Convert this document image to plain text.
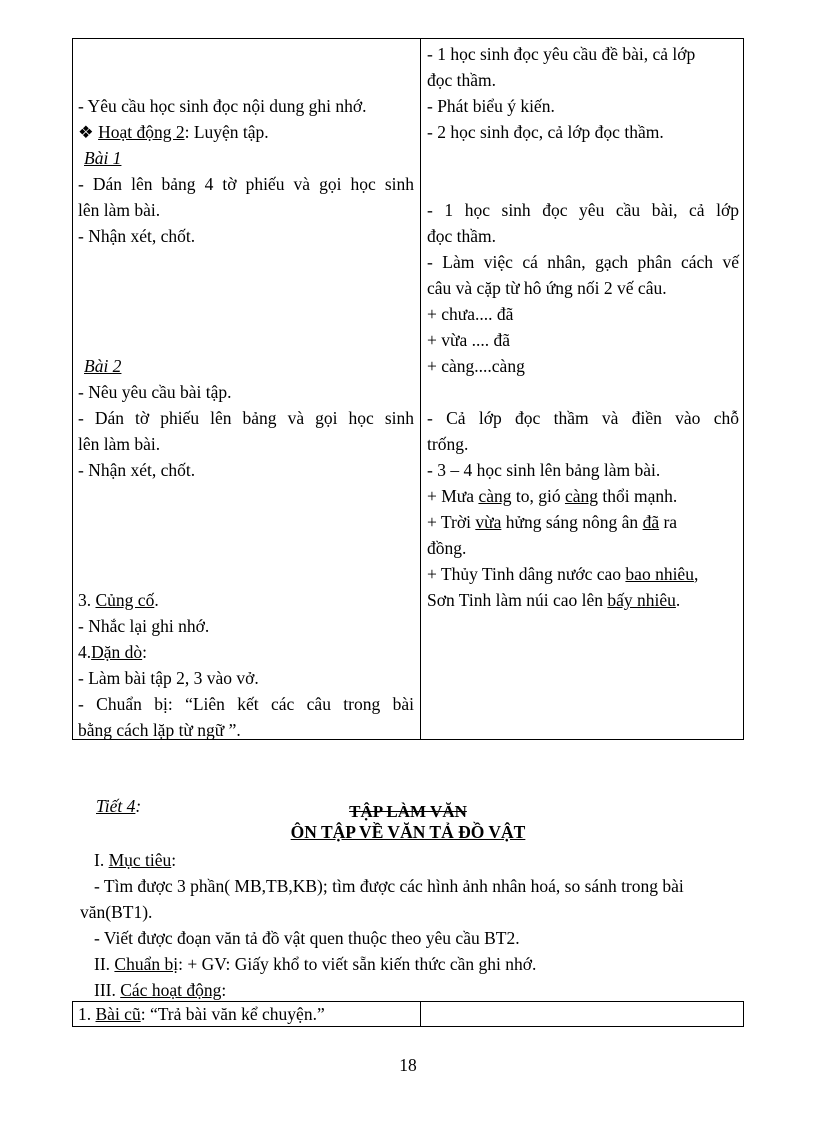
- Yêu cầu học sinh đọc nội dung ghi nhớ.
❖ Hoạt động 2: Luyện tập.
Bài 1
- Dán lên bảng 4 tờ phiếu và gọi học sinh
lên làm bài.
- Nhận xét, chốt.
Bài 2
- Nêu yêu cầu bài tập.
- Dán tờ phiếu lên bảng và gọi học sinh
lên làm bài.
- Nhận xét, chốt.
3. Củng cố.
- Nhắc lại ghi nhớ.
4.Dặn dò:
- Làm bài tập 2, 3 vào vở.
- Chuẩn bị: “Liên kết các câu trong bài
bằng cách lặp từ ngữ ”.
- 1 học sinh đọc yêu cầu đề bài, cả lớp
đọc thầm.
- Phát biểu ý kiến.
- 2 học sinh đọc, cả lớp đọc thầm.
- 1 học sinh đọc yêu cầu bài, cả lớp
đọc thầm.
- Làm việc cá nhân, gạch phân cách vế
câu và cặp từ hô ứng nối 2 vế câu.
+ chưa.... đã
+ vừa .... đã
+ càng....càng
- Cả lớp đọc thầm và điền vào chỗ
trống.
- 3 – 4 học sinh lên bảng làm bài.
+ Mưa càng to, gió càng thổi mạnh.
+ Trời vừa hửng sáng nông ân đã ra
đồng.
+ Thủy Tinh dâng nước cao bao nhiêu,
Sơn Tinh làm núi cao lên bấy nhiêu.
Tiết 4:	TẬP LÀM VĂN
ÔN TẬP VỀ VĂN TẢ ĐỒ VẬT
I. Mục tiêu:
- Tìm được 3 phần( MB,TB,KB); tìm được các hình ảnh nhân hoá, so sánh trong bài
văn(BT1).
- Viết được đoạn văn tả đồ vật quen thuộc theo yêu cầu BT2.
II. Chuẩn bị: + GV: Giấy khổ to viết sẵn kiến thức cần ghi nhớ.
III. Các hoạt động:
1. Bài cũ: “Trả bài văn kể chuyện.”
18
